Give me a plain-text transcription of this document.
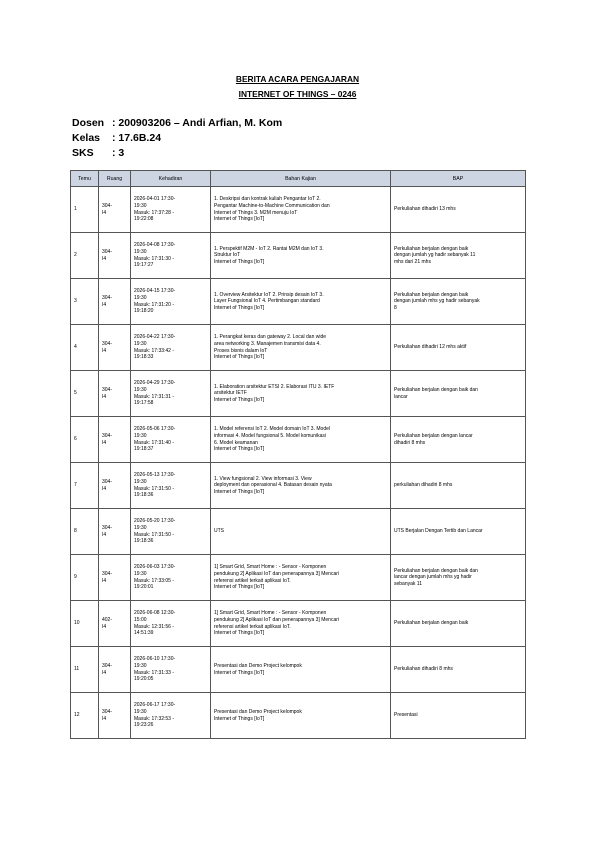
BERITA ACARA PENGAJARAN
INTERNET OF THINGS – 0246
Dosen : 200903206 – Andi Arfian, M. Kom
Kelas : 17.6B.24
SKS : 3
Temu	Ruang	Kehadiran	Bahan Kajian	BAP
1	304-
I4	2026-04-01 17:30-
19:30
Masuk: 17:37:28 -
19:22:08	1. Deskripsi dan kontrak kuliah Pengantar IoT 2.
Pengantar Machine-to-Machine Communication dan
Internet of Things 3. M2M menuju IoT
Internet of Things [IoT]	Perkuliahan dihadiri 13 mhs
2	304-
I4	2026-04-08 17:30-
19:30
Masuk: 17:31:30 -
19:17:27	1. Perspektif M2M - IoT 2. Rantai M2M dan IoT 3.
Struktur IoT
Internet of Things [IoT]	Perkuliahan berjalan dengan baik
dengan jumlah yg hadir sebanyak 11
mhs dari 21 mhs
3	304-
I4	2026-04-15 17:30-
19:30
Masuk: 17:31:20 -
19:18:20	1. Overview Arsitektur IoT 2. Prinsip desain IoT 3.
Layer Fungsional IoT 4. Pertimbangan standard
Internet of Things [IoT]	Perkuliahan berjalan dengan baik
dengan jumlah mhs yg hadir sebanyak
8
4	304-
I4	2026-04-22 17:30-
19:30
Masuk: 17:33:42 -
19:18:33	1. Perangkat keras dan gateway 2. Local dan wide
area networking 3. Manajemen transmisi data 4.
Proses bisnis dalam IoT
Internet of Things [IoT]	Perkuliahan dihadiri 12 mhs aktif
5	304-
I4	2026-04-29 17:30-
19:30
Masuk: 17:31:31 -
19:17:58	1. Elaboration arsitektur ETSI 2. Elaborasi ITU 3. IETF
arsitektur IETF
Internet of Things [IoT]	Perkuliahan berjalan dengan baik dan
lancar
6	304-
I4	2026-05-06 17:30-
19:30
Masuk: 17:31:40 -
19:18:37	1. Model referensi IoT 2. Model domain IoT 3. Model
informasi 4. Model fungsional 5. Model komunikasi
6. Model keamanan
Internet of Things [IoT]	Perkuliahan berjalan dengan lancar
dihadiri 8 mhs
7	304-
I4	2026-05-13 17:30-
19:30
Masuk: 17:31:50 -
19:18:36	1. View fungsional 2. View informasi 3. View
deployment dan operasional 4. Batasan desain nyata
Internet of Things [IoT]	perkuliahan dihadiri 8 mhs
8	304-
I4	2026-05-20 17:30-
19:30
Masuk: 17:31:50 -
19:18:36	UTS	UTS Berjalan Dengan Tertib dan Lancar
9	304-
I4	2026-06-03 17:30-
19:30
Masuk: 17:33:05 -
19:20:01	1] Smart Grid, Smart Home : - Sensor - Komponen
pendukung 2] Aplikasi IoT dan penerapannya 3] Mencari
referensi artikel terkait aplikasi IoT.
Internet of Things [IoT]	Perkuliahan berjalan dengan baik dan
lancar dengan jumlah mhs yg hadir
sebanyak 11
10	402-
I4	2026-06-08 12:30-
15:00
Masuk: 12:31:56 -
14:51:39	1] Smart Grid, Smart Home : - Sensor - Komponen
pendukung 2] Aplikasi IoT dan penerapannya 3] Mencari
referensi artikel terkait aplikasi IoT.
Internet of Things [IoT]	Perkuliahan berjalan dengan baik
11	304-
I4	2026-06-10 17:30-
19:30
Masuk: 17:31:33 -
19:20:05	Presentasi dan Demo Project kelompok
Internet of Things [IoT]	Perkuliahan dihadiri 8 mhs
12	304-
I4	2026-06-17 17:30-
19:30
Masuk: 17:32:53 -
19:23:26	Presentasi dan Demo Project kelompok
Internet of Things [IoT]	Presentasi
